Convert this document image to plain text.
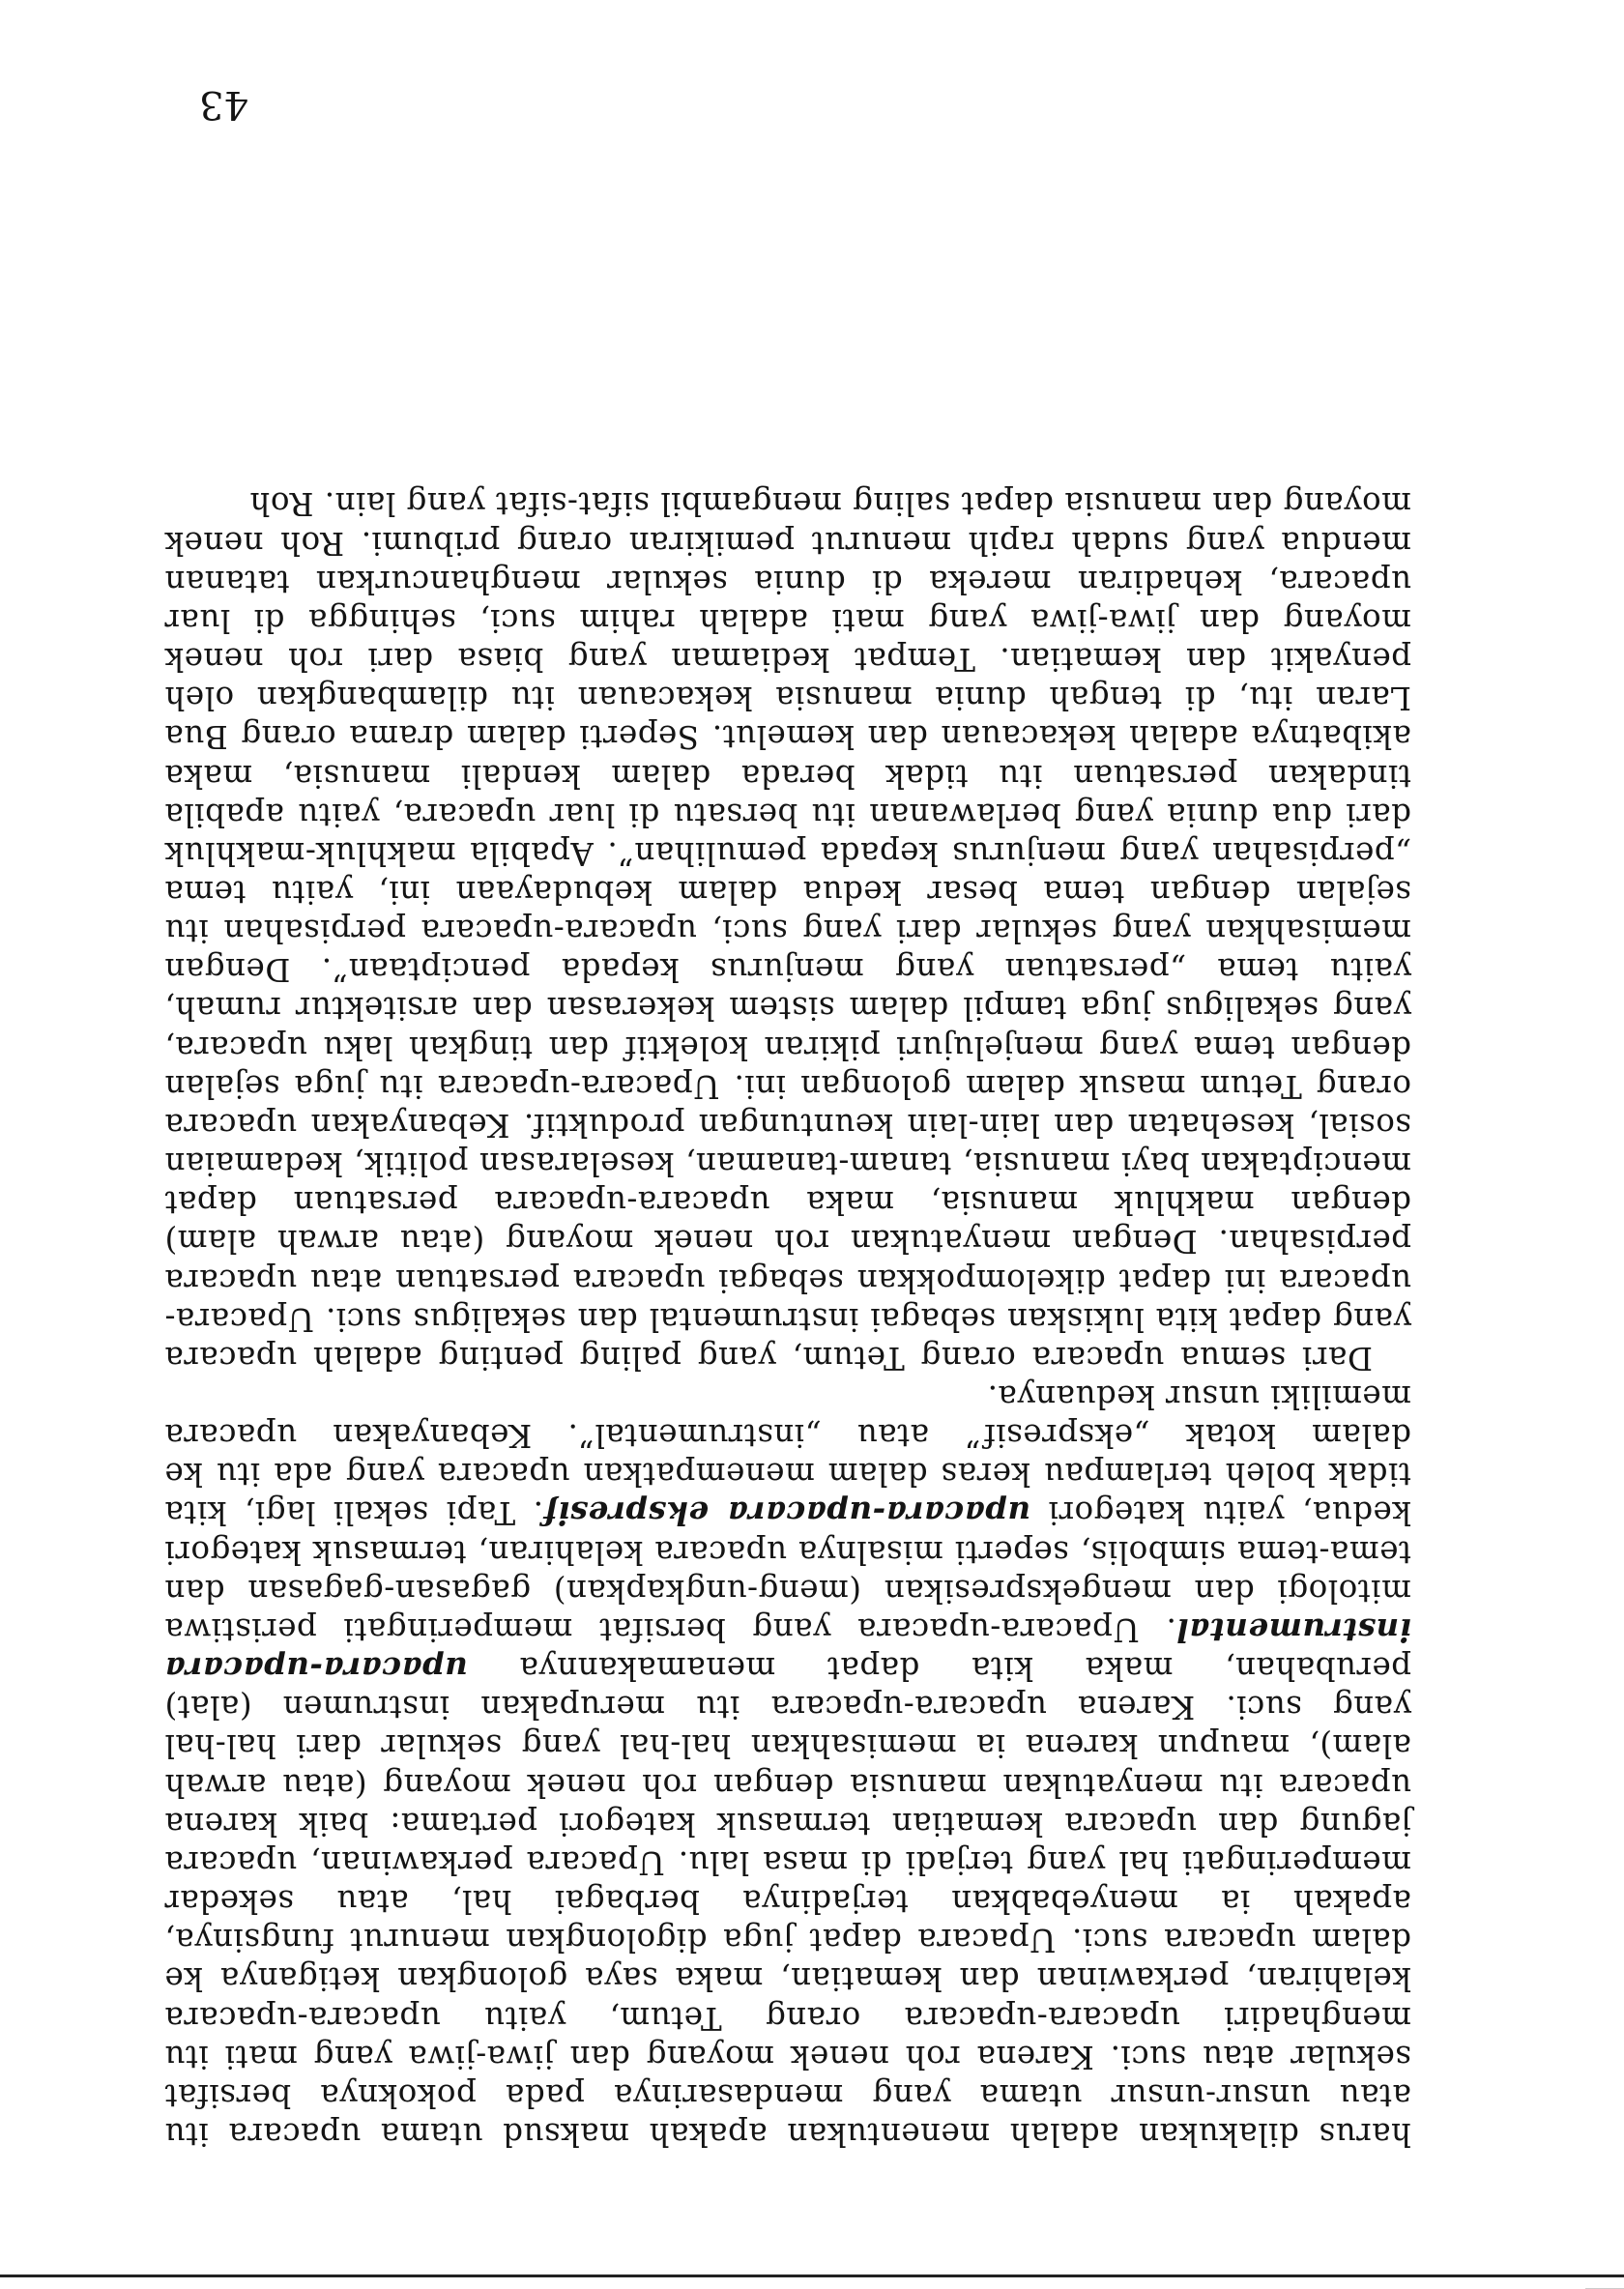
harus dilakukan adalah menentukan apakah maksud utama upacara itu atau unsur-unsur utama yang mendasarinya pada pokoknya bersifat sekular atau suci. Karena roh nenek moyang dan jiwa-jiwa yang mati itu menghadiri upacara-upacara orang Tetum, yaitu upacara-upacara kelahiran, perkawinan dan kematian, maka saya golongkan ketiganya ke dalam upacara suci. Upacara dapat juga digolongkan menurut fungsinya, apakah ia menyebabkan terjadinya berbagai hal, atau sekedar memperingati hal yang terjadi di masa lalu. Upacara perkawinan, upacara jagung dan upacara kematian termasuk kategori pertama: baik karena upacara itu menyatukan manusia dengan roh nenek moyang (atau arwah alam), maupun karena ia memisahkan hal-hal yang sekular dari hal-hal yang suci. Karena upacara-upacara itu merupakan instrumen (alat) perubahan, maka kita dapat menamakannya upacara-upacara instrumental. Upacara-upacara yang bersifat memperingati peristiwa mitologi dan mengekspresikan (meng-ungkapkan) gagasan-gagasan dan tema-tema simbolis, seperti misalnya upacara kelahiran, termasuk kategori kedua, yaitu kategori upacara-upacara ekspresif. Tapi sekali lagi, kita tidak boleh terlampau keras dalam menempatkan upacara yang ada itu ke dalam kotak „ekspresif” atau „instrumental”. Kebanyakan upacara memiliki unsur keduanya.

Dari semua upacara orang Tetum, yang paling penting adalah upacara yang dapat kita lukiskan sebagai instrumental dan sekaligus suci. Upacara-upacara ini dapat dikelompokkan sebagai upacara persatuan atau upacara perpisahan. Dengan menyatukan roh nenek moyang (atau arwah alam) dengan makhluk manusia, maka upacara-upacara persatuan dapat menciptakan bayi manusia, tanam-tanaman, keselarasan politik, kedamaian sosial, kesehatan dan lain-lain keuntungan produktif. Kebanyakan upacara orang Tetum masuk dalam golongan ini. Upacara-upacara itu juga sejalan dengan tema yang menjelujuri pikiran kolektif dan tingkah laku upacara, yang sekaligus juga tampil dalam sistem kekerasan dan arsitektur rumah, yaitu tema „persatuan yang menjurus kepada penciptaan”. Dengan memisahkan yang sekular dari yang suci, upacara-upacara perpisahan itu sejalan dengan tema besar kedua dalam kebudayaan ini, yaitu tema „perpisahan yang menjurus kepada pemulihan”. Apabila makhluk-makhluk dari dua dunia yang berlawanan itu bersatu di luar upacara, yaitu apabila tindakan persatuan itu tidak berada dalam kendali manusia, maka akibatnya adalah kekacauan dan kemelut. Seperti dalam drama orang Bua Laran itu, di tengah dunia manusia kekacauan itu dilambangkan oleh penyakit dan kematian. Tempat kediaman yang biasa dari roh nenek moyang dan jiwa-jiwa yang mati adalah rahim suci, sehingga di luar upacara, kehadiran mereka di dunia sekular menghancurkan tatanan mendua yang sudah rapih menurut pemikiran orang pribumi. Roh nenek moyang dan manusia dapat saling mengambil sifat-sifat yang lain. Roh

43
